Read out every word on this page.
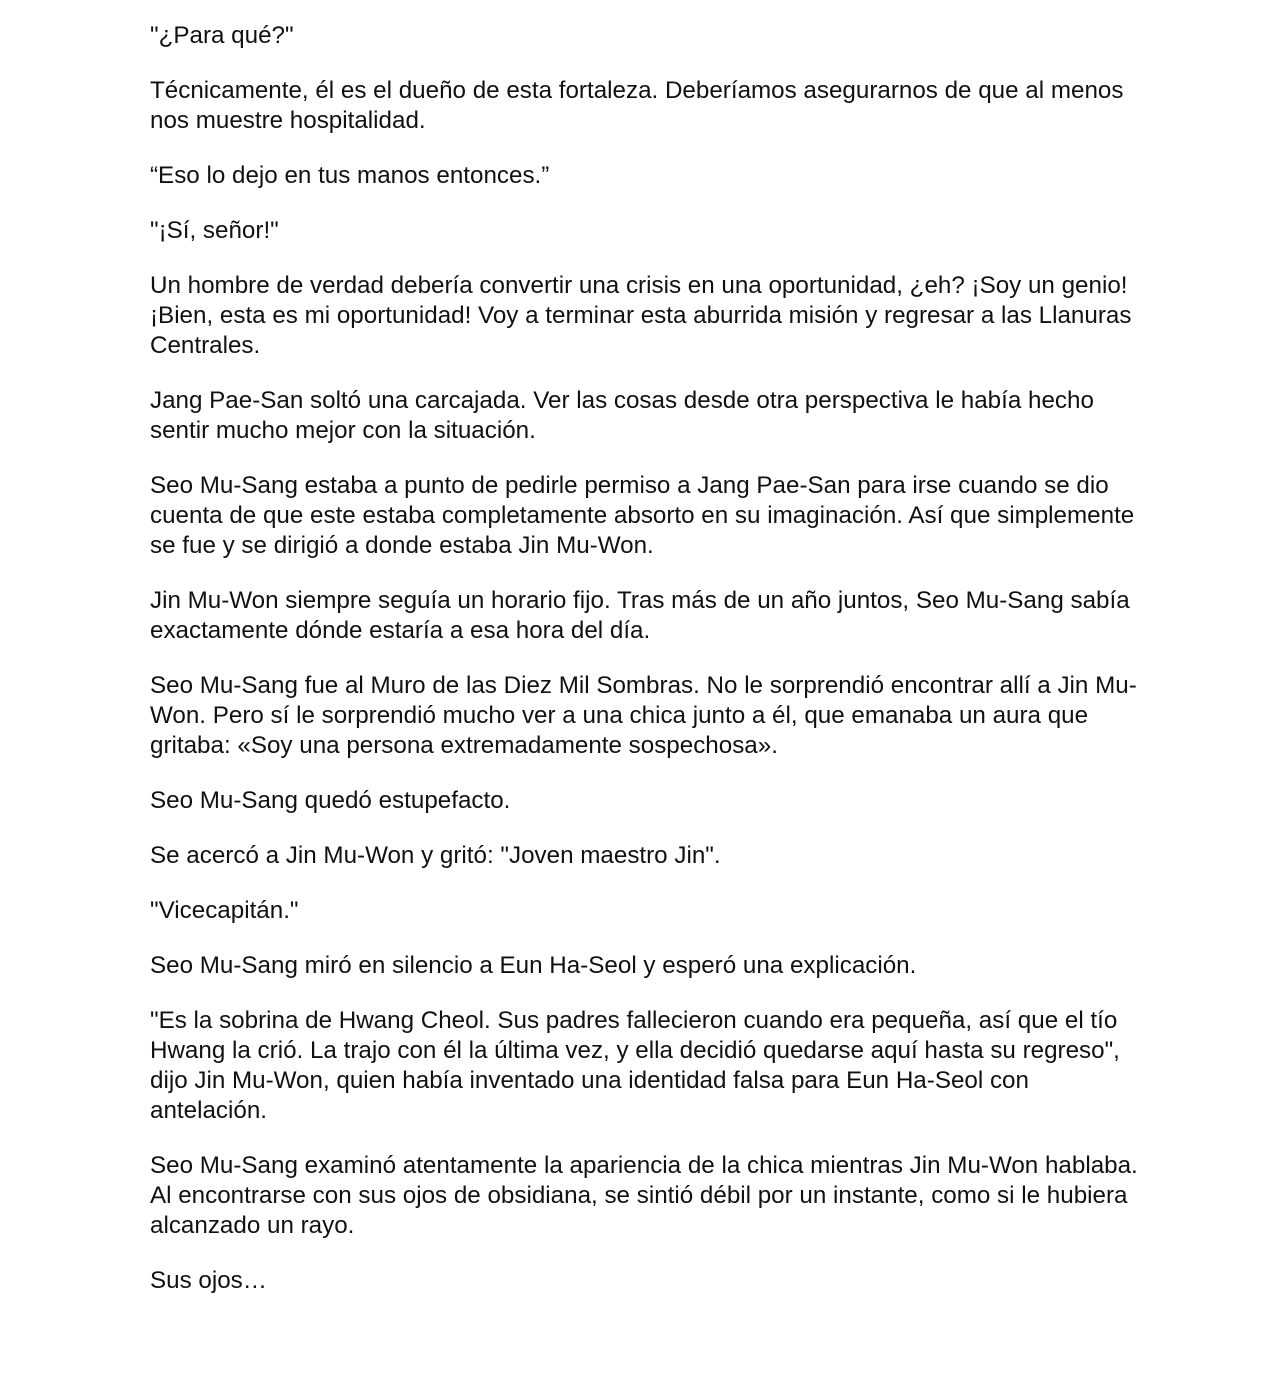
"¿Para qué?"

Técnicamente, él es el dueño de esta fortaleza. Deberíamos asegurarnos de que al menos nos muestre hospitalidad.

“Eso lo dejo en tus manos entonces.”

"¡Sí, señor!"

Un hombre de verdad debería convertir una crisis en una oportunidad, ¿eh? ¡Soy un genio! ¡Bien, esta es mi oportunidad! Voy a terminar esta aburrida misión y regresar a las Llanuras Centrales.

Jang Pae-San soltó una carcajada. Ver las cosas desde otra perspectiva le había hecho sentir mucho mejor con la situación.

Seo Mu-Sang estaba a punto de pedirle permiso a Jang Pae-San para irse cuando se dio cuenta de que este estaba completamente absorto en su imaginación. Así que simplemente se fue y se dirigió a donde estaba Jin Mu-Won.

Jin Mu-Won siempre seguía un horario fijo. Tras más de un año juntos, Seo Mu-Sang sabía exactamente dónde estaría a esa hora del día.

Seo Mu-Sang fue al Muro de las Diez Mil Sombras. No le sorprendió encontrar allí a Jin Mu-Won. Pero sí le sorprendió mucho ver a una chica junto a él, que emanaba un aura que gritaba: «Soy una persona extremadamente sospechosa».

Seo Mu-Sang quedó estupefacto.

Se acercó a Jin Mu-Won y gritó: "Joven maestro Jin".

"Vicecapitán."

Seo Mu-Sang miró en silencio a Eun Ha-Seol y esperó una explicación.

"Es la sobrina de Hwang Cheol. Sus padres fallecieron cuando era pequeña, así que el tío Hwang la crió. La trajo con él la última vez, y ella decidió quedarse aquí hasta su regreso", dijo Jin Mu-Won, quien había inventado una identidad falsa para Eun Ha-Seol con antelación.

Seo Mu-Sang examinó atentamente la apariencia de la chica mientras Jin Mu-Won hablaba. Al encontrarse con sus ojos de obsidiana, se sintió débil por un instante, como si le hubiera alcanzado un rayo.

Sus ojos…
